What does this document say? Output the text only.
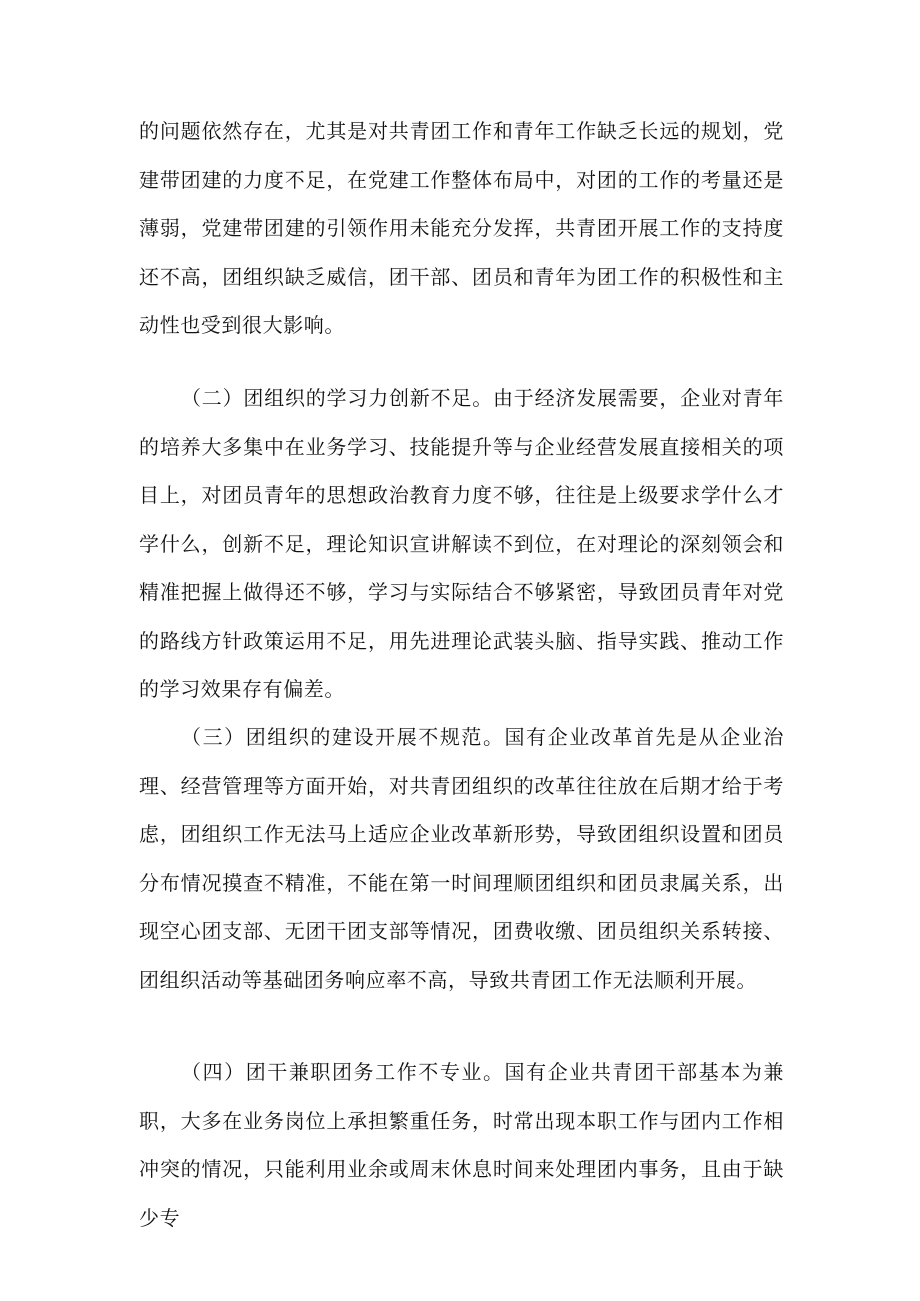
的问题依然存在，尤其是对共青团工作和青年工作缺乏长远的规划，党建带团建的力度不足，在党建工作整体布局中，对团的工作的考量还是薄弱，党建带团建的引领作用未能充分发挥，共青团开展工作的支持度还不高，团组织缺乏威信，团干部、团员和青年为团工作的积极性和主动性也受到很大影响。

（二）团组织的学习力创新不足。由于经济发展需要，企业对青年的培养大多集中在业务学习、技能提升等与企业经营发展直接相关的项目上，对团员青年的思想政治教育力度不够，往往是上级要求学什么才学什么，创新不足，理论知识宣讲解读不到位，在对理论的深刻领会和精准把握上做得还不够，学习与实际结合不够紧密，导致团员青年对党的路线方针政策运用不足，用先进理论武装头脑、指导实践、推动工作的学习效果存有偏差。

（三）团组织的建设开展不规范。国有企业改革首先是从企业治理、经营管理等方面开始，对共青团组织的改革往往放在后期才给于考虑，团组织工作无法马上适应企业改革新形势，导致团组织设置和团员分布情况摸查不精准，不能在第一时间理顺团组织和团员隶属关系，出现空心团支部、无团干团支部等情况，团费收缴、团员组织关系转接、团组织活动等基础团务响应率不高，导致共青团工作无法顺利开展。

（四）团干兼职团务工作不专业。国有企业共青团干部基本为兼职，大多在业务岗位上承担繁重任务，时常出现本职工作与团内工作相冲突的情况，只能利用业余或周末休息时间来处理团内事务，且由于缺少专
